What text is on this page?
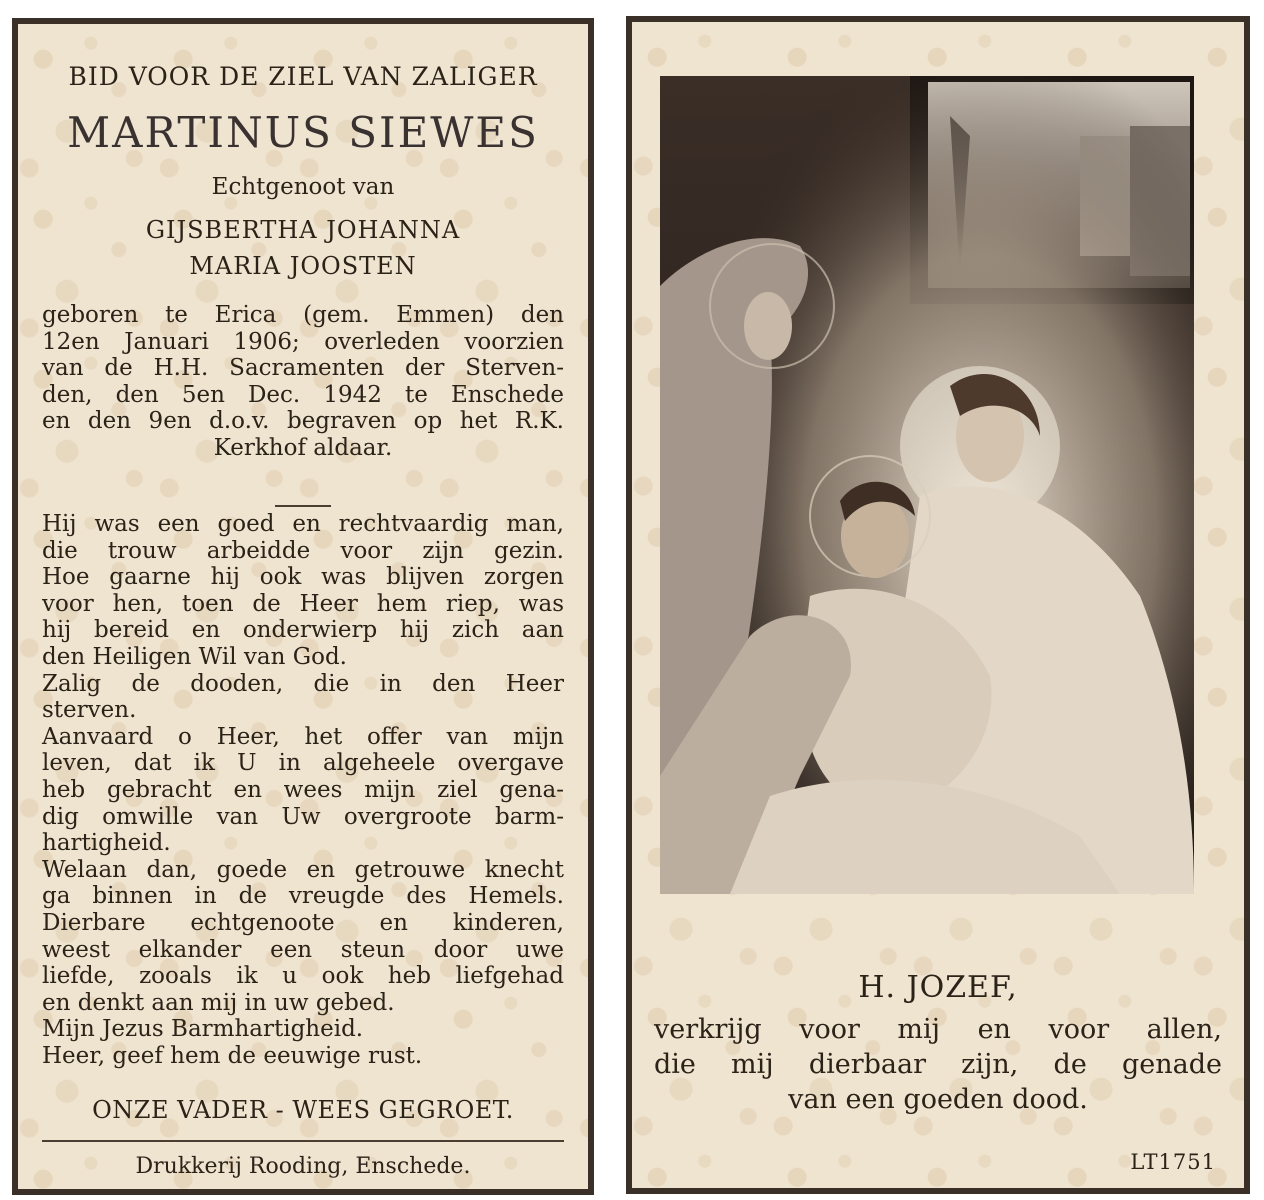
BID VOOR DE ZIEL VAN ZALIGER
MARTINUS SIEWES
Echtgenoot van
GIJSBERTHA JOHANNA
MARIA JOOSTEN
geboren te Erica (gem. Emmen) den
12en Januari 1906; overleden voorzien
van de H.H. Sacramenten der Sterven-
den, den 5en Dec. 1942 te Enschede
en den 9en d.o.v. begraven op het R.K.
Kerkhof aldaar.
Hij was een goed en rechtvaardig man,
die trouw arbeidde voor zijn gezin.
Hoe gaarne hij ook was blijven zorgen
voor hen, toen de Heer hem riep, was
hij bereid en onderwierp hij zich aan
den Heiligen Wil van God.
Zalig de dooden, die in den Heer
sterven.
Aanvaard o Heer, het offer van mijn
leven, dat ik U in algeheele overgave
heb gebracht en wees mijn ziel gena-
dig omwille van Uw overgroote barm-
hartigheid.
Welaan dan, goede en getrouwe knecht
ga binnen in de vreugde des Hemels.
Dierbare echtgenoote en kinderen,
weest elkander een steun door uwe
liefde, zooals ik u ook heb liefgehad
en denkt aan mij in uw gebed.
Mijn Jezus Barmhartigheid.
Heer, geef hem de eeuwige rust.
ONZE VADER - WEES GEGROET.
Drukkerij Rooding, Enschede.
H. JOZEF,
verkrijg voor mij en voor allen,
die mij dierbaar zijn, de genade
van een goeden dood.
LT1751
